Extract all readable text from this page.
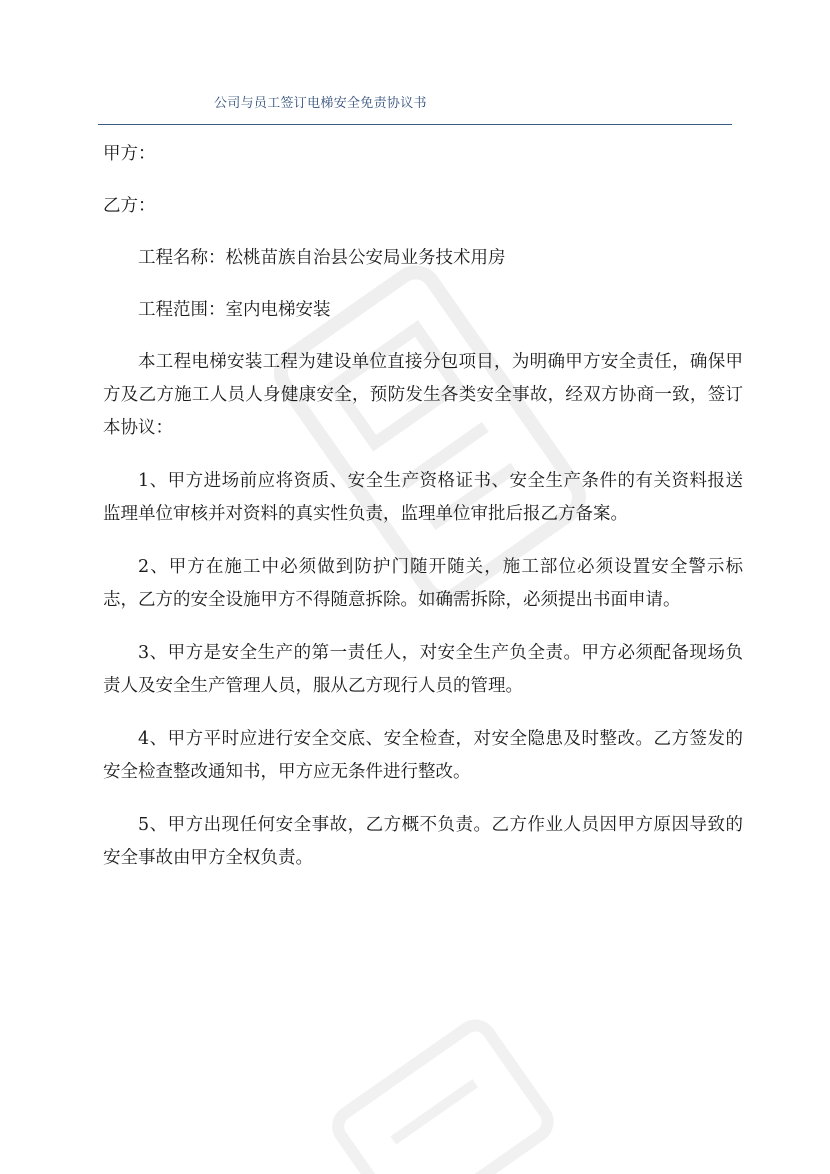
公司与员工签订电梯安全免责协议书
甲方：
乙方：

工程名称：松桃苗族自治县公安局业务技术用房

工程范围：室内电梯安装

本工程电梯安装工程为建设单位直接分包项目，为明确甲方安全责任，确保甲方及乙方施工人员人身健康安全，预防发生各类安全事故，经双方协商一致，签订本协议：

1、甲方进场前应将资质、安全生产资格证书、安全生产条件的有关资料报送监理单位审核并对资料的真实性负责，监理单位审批后报乙方备案。

2、甲方在施工中必须做到防护门随开随关，施工部位必须设置安全警示标志，乙方的安全设施甲方不得随意拆除。如确需拆除，必须提出书面申请。

3、甲方是安全生产的第一责任人，对安全生产负全责。甲方必须配备现场负责人及安全生产管理人员，服从乙方现行人员的管理。

4、甲方平时应进行安全交底、安全检查，对安全隐患及时整改。乙方签发的安全检查整改通知书，甲方应无条件进行整改。

5、甲方出现任何安全事故，乙方概不负责。乙方作业人员因甲方原因导致的安全事故由甲方全权负责。
